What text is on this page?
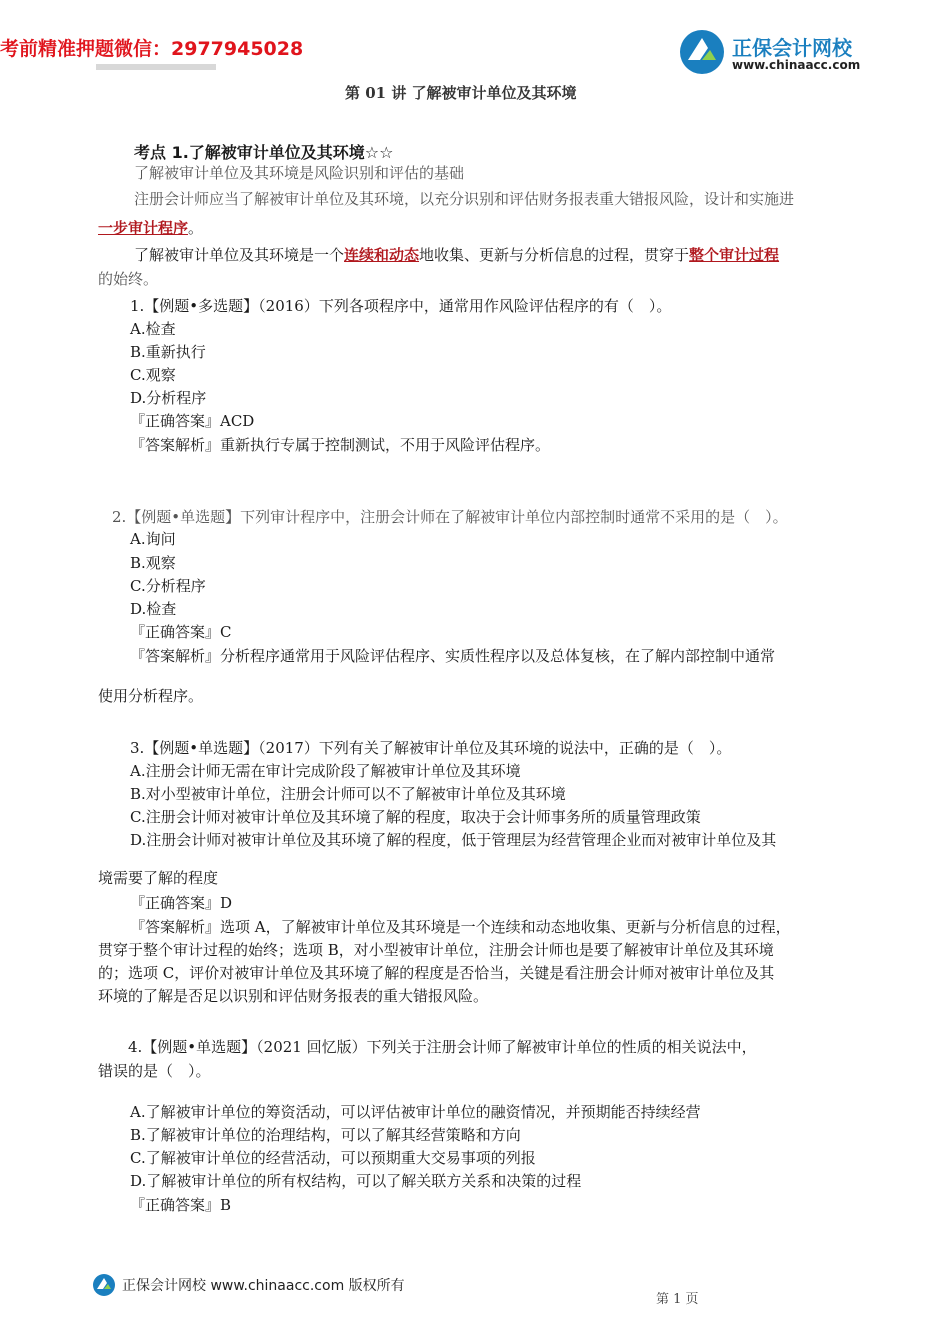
考前精准押题微信：2977945028	正保会计网校
www.chinaacc.com
第 01 讲 了解被审计单位及其环境
考点 1.了解被审计单位及其环境☆☆
了解被审计单位及其环境是风险识别和评估的基础
注册会计师应当了解被审计单位及其环境，以充分识别和评估财务报表重大错报风险，设计和实施进
一步审计程序。
了解被审计单位及其环境是一个连续和动态地收集、更新与分析信息的过程，贯穿于整个审计过程
的始终。
1.【例题•多选题】（2016）下列各项程序中，通常用作风险评估程序的有（　）。
A.检查
B.重新执行
C.观察
D.分析程序
『正确答案』ACD
『答案解析』重新执行专属于控制测试，不用于风险评估程序。
2.【例题•单选题】下列审计程序中，注册会计师在了解被审计单位内部控制时通常不采用的是（　）。
A.询问
B.观察
C.分析程序
D.检查
『正确答案』C
『答案解析』分析程序通常用于风险评估程序、实质性程序以及总体复核，在了解内部控制中通常
使用分析程序。
3.【例题•单选题】（2017）下列有关了解被审计单位及其环境的说法中，正确的是（　）。
A.注册会计师无需在审计完成阶段了解被审计单位及其环境
B.对小型被审计单位，注册会计师可以不了解被审计单位及其环境
C.注册会计师对被审计单位及其环境了解的程度，取决于会计师事务所的质量管理政策
D.注册会计师对被审计单位及其环境了解的程度，低于管理层为经营管理企业而对被审计单位及其
境需要了解的程度
『正确答案』D
『答案解析』选项 A，了解被审计单位及其环境是一个连续和动态地收集、更新与分析信息的过程，
贯穿于整个审计过程的始终；选项 B，对小型被审计单位，注册会计师也是要了解被审计单位及其环境
的；选项 C，评价对被审计单位及其环境了解的程度是否恰当，关键是看注册会计师对被审计单位及其
环境的了解是否足以识别和评估财务报表的重大错报风险。
4.【例题•单选题】（2021 回忆版）下列关于注册会计师了解被审计单位的性质的相关说法中，
错误的是（　）。
A.了解被审计单位的筹资活动，可以评估被审计单位的融资情况，并预期能否持续经营
B.了解被审计单位的治理结构，可以了解其经营策略和方向
C.了解被审计单位的经营活动，可以预期重大交易事项的列报
D.了解被审计单位的所有权结构，可以了解关联方关系和决策的过程
『正确答案』B
正保会计网校 www.chinaacc.com 版权所有
第 1 页
